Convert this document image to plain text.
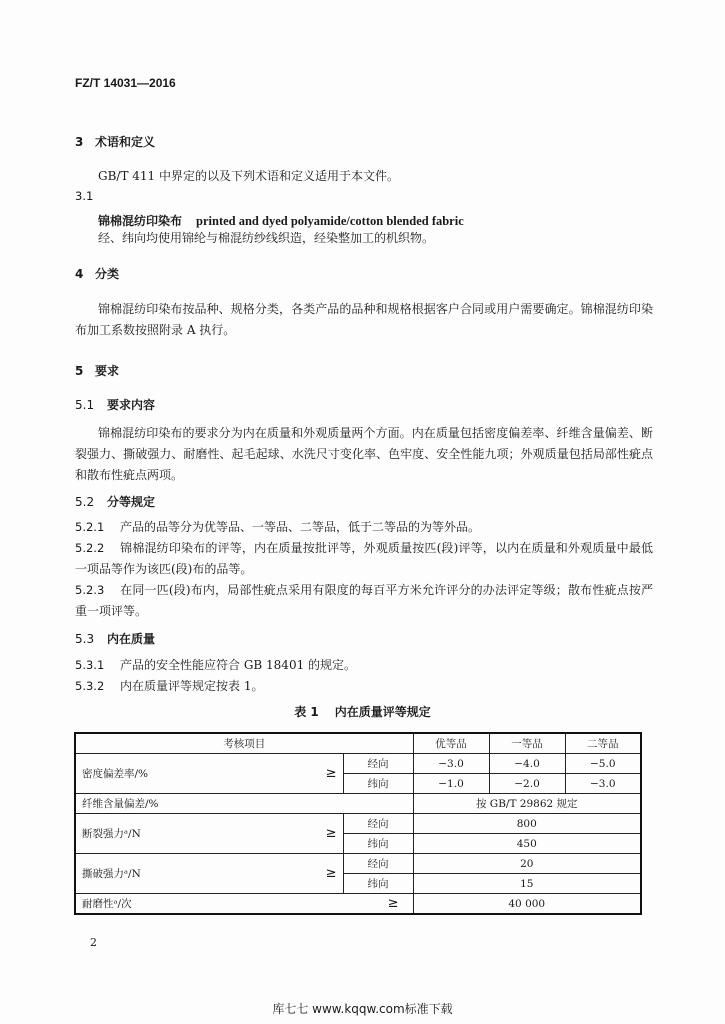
FZ/T 14031—2016
3 术语和定义
GB/T 411 中界定的以及下列术语和定义适用于本文件。
3.1
锦棉混纺印染布 printed and dyed polyamide/cotton blended fabric
经、纬向均使用锦纶与棉混纺纱线织造，经染整加工的机织物。
4 分类
锦棉混纺印染布按品种、规格分类，各类产品的品种和规格根据客户合同或用户需要确定。锦棉混纺印染布加工系数按照附录 A 执行。
5 要求
5.1 要求内容
锦棉混纺印染布的要求分为内在质量和外观质量两个方面。内在质量包括密度偏差率、纤维含量偏差、断裂强力、撕破强力、耐磨性、起毛起球、水洗尺寸变化率、色牢度、安全性能九项；外观质量包括局部性疵点和散布性疵点两项。
5.2 分等规定
5.2.1 产品的品等分为优等品、一等品、二等品，低于二等品的为等外品。
5.2.2 锦棉混纺印染布的评等，内在质量按批评等，外观质量按匹(段)评等，以内在质量和外观质量中最低一项品等作为该匹(段)布的品等。
5.2.3 在同一匹(段)布内，局部性疵点采用有限度的每百平方米允许评分的办法评定等级；散布性疵点按严重一项评等。
5.3 内在质量
5.3.1 产品的安全性能应符合 GB 18401 的规定。
5.3.2 内在质量评等规定按表 1。
表 1 内在质量评等规定
考核项目			优等品	一等品	二等品
密度偏差率/%	≥	经向	−3.0	−4.0	−5.0
		纬向	−1.0	−2.0	−3.0
纤维含量偏差/%			按 GB/T 29862 规定		
断裂强力ᵃ/N	≥	经向	800		
		纬向	450		
撕破强力ᵃ/N	≥	经向	20		
		纬向	15		
耐磨性ᵃ/次		≥	40 000		
2
库七七 www.kqqw.com标准下载
